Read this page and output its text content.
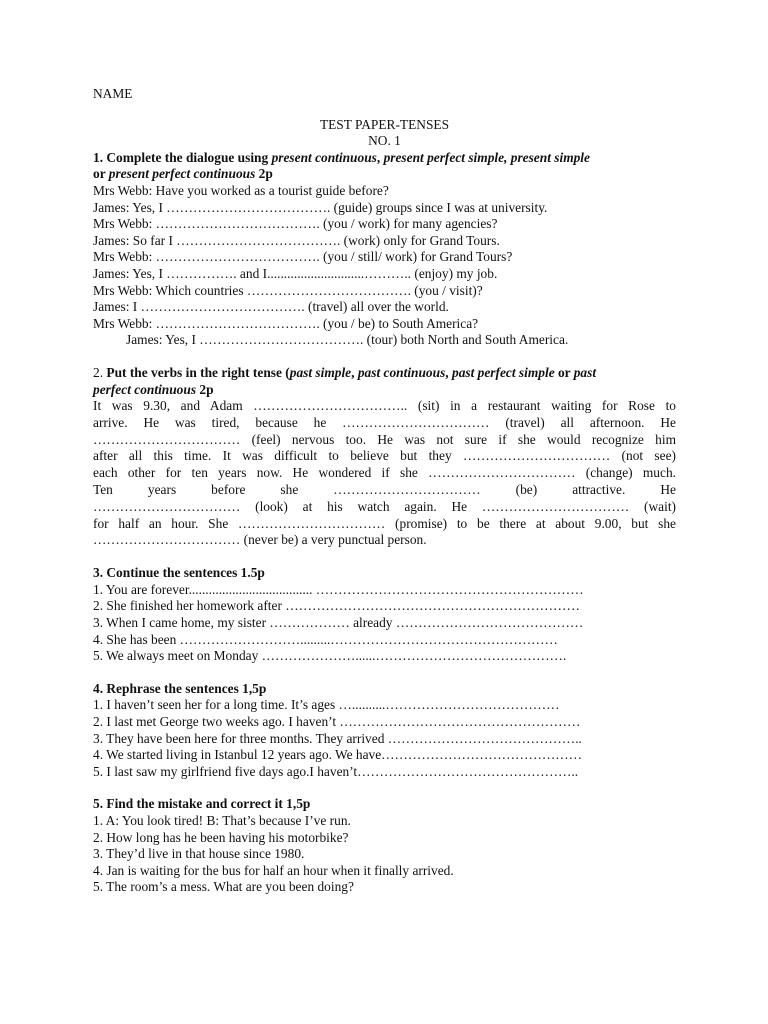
NAME
TEST PAPER-TENSES
NO. 1
1. Complete the dialogue using present continuous, present perfect simple, present simple
or present perfect continuous 2p
Mrs Webb: Have you worked as a tourist guide before?
James: Yes, I ………………………………. (guide) groups since I was at university.
Mrs Webb: ………………………………. (you / work) for many agencies?
James: So far I ………………………………. (work) only for Grand Tours.
Mrs Webb: ………………………………. (you / still/ work) for Grand Tours?
James: Yes, I ……………. and I.............................……….. (enjoy) my job.
Mrs Webb: Which countries ………………………………. (you / visit)?
James: I ………………………………. (travel) all over the world.
Mrs Webb: ………………………………. (you / be) to South America?
James: Yes, I ………………………………. (tour) both North and South America.
2. Put the verbs in the right tense (past simple, past continuous, past perfect simple or past
perfect continuous 2p
It was 9.30, and Adam …………………………….. (sit) in a restaurant waiting for Rose to
arrive. He was tired, because he …………………………… (travel) all afternoon. He
…………………………… (feel) nervous too. He was not sure if she would recognize him
after all this time. It was difficult to believe but they …………………………… (not see)
each other for ten years now. He wondered if she …………………………… (change) much.
Ten years before she …………………………… (be) attractive. He
…………………………… (look) at his watch again. He …………………………… (wait)
for half an hour. She …………………………… (promise) to be there at about 9.00, but she
…………………………… (never be) a very punctual person.
3. Continue the sentences 1.5p
1. You are forever..................................... ……………………………………………………
2. She finished her homework after …………………………………………………………
3. When I came home, my sister ……………… already ……………………………………
4. She has been ……………………….........……………………………………………
5. We always meet on Monday …………………......…………………………………….
4. Rephrase the sentences 1,5p
1. I haven’t seen her for a long time. It’s ages …..........…………………………………
2. I last met George two weeks ago. I haven’t ………………………………………………
3. They have been here for three months. They arrived ……………………………………..
4. We started living in Istanbul 12 years ago. We have………………………………………
5. I last saw my girlfriend five days ago.I haven’t…………………………………………..
5. Find the mistake and correct it 1,5p
1. A: You look tired! B: That’s because I’ve run.
2. How long has he been having his motorbike?
3. They’d live in that house since 1980.
4. Jan is waiting for the bus for half an hour when it finally arrived.
5. The room’s a mess. What are you been doing?
